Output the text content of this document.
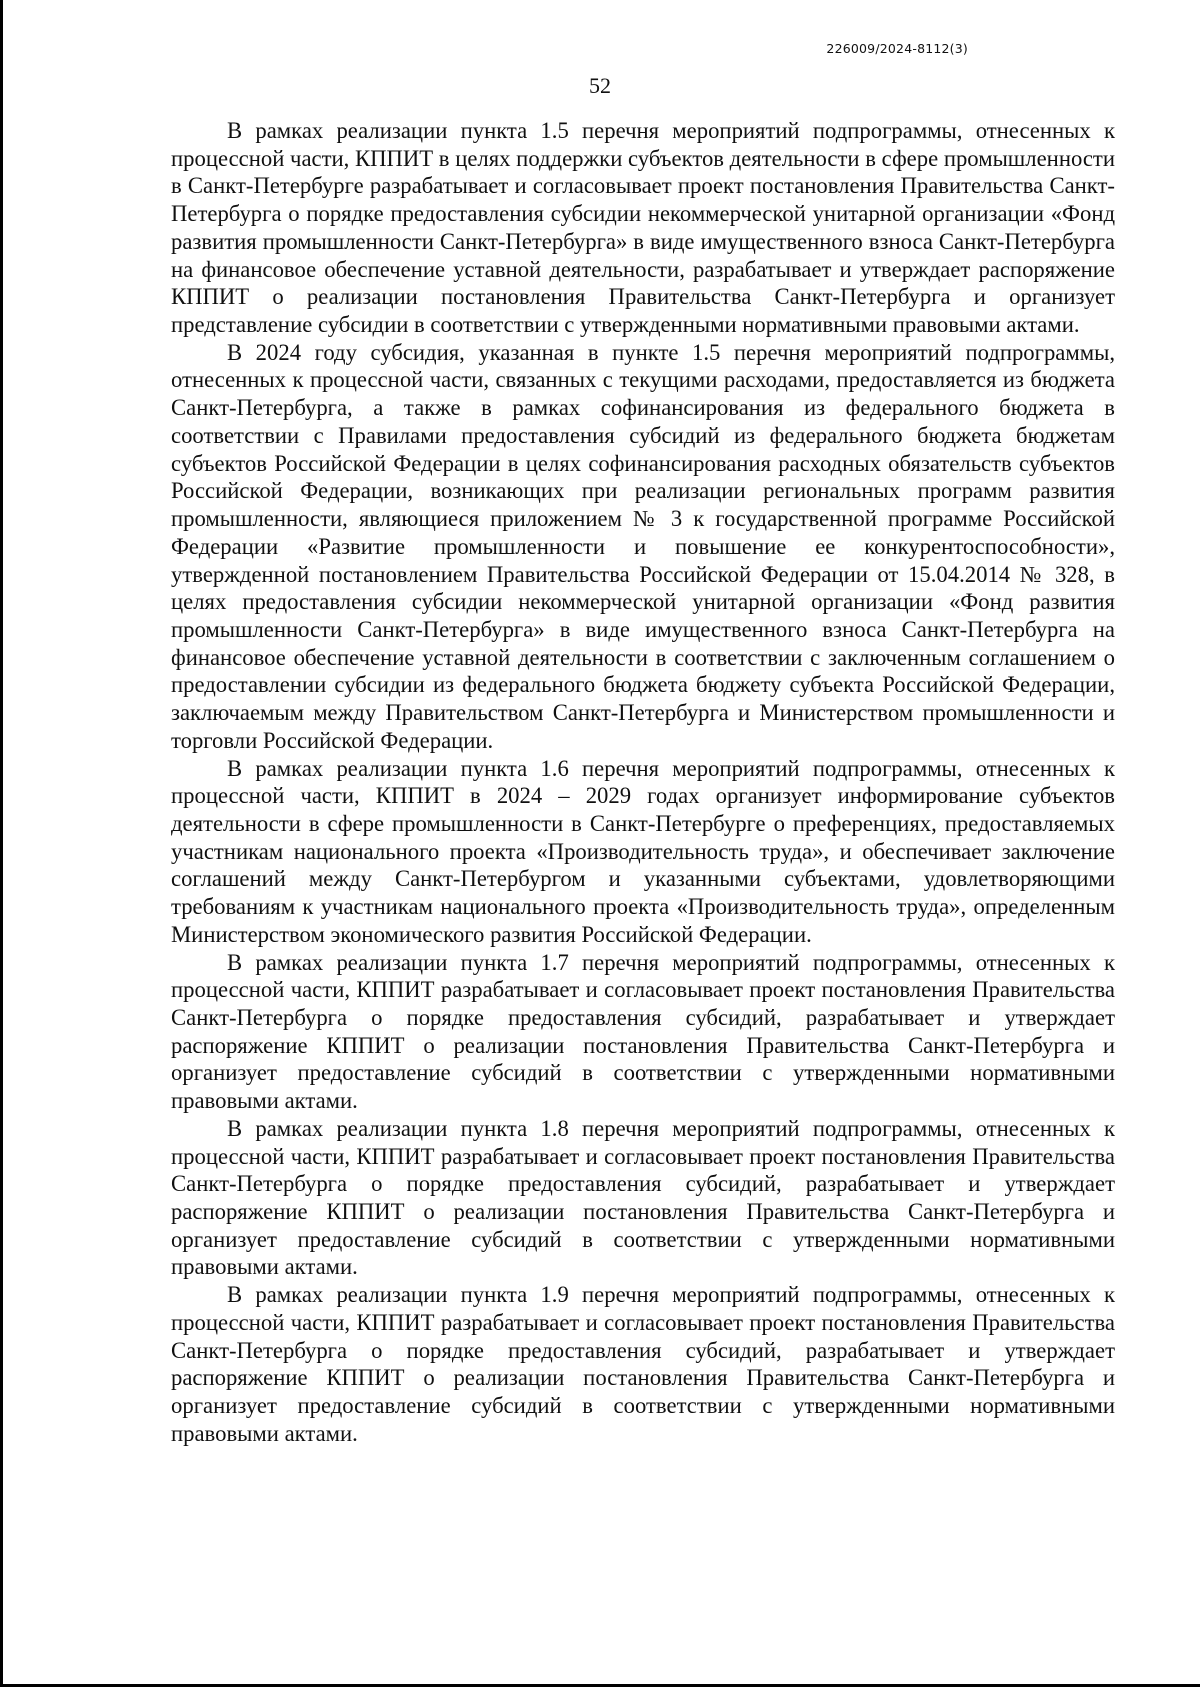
226009/2024-8112(3)
52

В рамках реализации пункта 1.5 перечня мероприятий подпрограммы, отнесенных к процессной части, КППИТ в целях поддержки субъектов деятельности в сфере промышленности в Санкт-Петербурге разрабатывает и согласовывает проект постановления Правительства Санкт-Петербурга о порядке предоставления субсидии некоммерческой унитарной организации «Фонд развития промышленности Санкт-Петербурга» в виде имущественного взноса Санкт-Петербурга на финансовое обеспечение уставной деятельности, разрабатывает и утверждает распоряжение КППИТ о реализации постановления Правительства Санкт-Петербурга и организует представление субсидии в соответствии с утвержденными нормативными правовыми актами.

В 2024 году субсидия, указанная в пункте 1.5 перечня мероприятий подпрограммы, отнесенных к процессной части, связанных с текущими расходами, предоставляется из бюджета Санкт-Петербурга, а также в рамках софинансирования из федерального бюджета в соответствии с Правилами предоставления субсидий из федерального бюджета бюджетам субъектов Российской Федерации в целях софинансирования расходных обязательств субъектов Российской Федерации, возникающих при реализации региональных программ развития промышленности, являющиеся приложением № 3 к государственной программе Российской Федерации «Развитие промышленности и повышение ее конкурентоспособности», утвержденной постановлением Правительства Российской Федерации от 15.04.2014 № 328, в целях предоставления субсидии некоммерческой унитарной организации «Фонд развития промышленности Санкт-Петербурга» в виде имущественного взноса Санкт-Петербурга на финансовое обеспечение уставной деятельности в соответствии с заключенным соглашением о предоставлении субсидии из федерального бюджета бюджету субъекта Российской Федерации, заключаемым между Правительством Санкт-Петербурга и Министерством промышленности и торговли Российской Федерации.

В рамках реализации пункта 1.6 перечня мероприятий подпрограммы, отнесенных к процессной части, КППИТ в 2024 – 2029 годах организует информирование субъектов деятельности в сфере промышленности в Санкт-Петербурге о преференциях, предоставляемых участникам национального проекта «Производительность труда», и обеспечивает заключение соглашений между Санкт-Петербургом и указанными субъектами, удовлетворяющими требованиям к участникам национального проекта «Производительность труда», определенным Министерством экономического развития Российской Федерации.

В рамках реализации пункта 1.7 перечня мероприятий подпрограммы, отнесенных к процессной части, КППИТ разрабатывает и согласовывает проект постановления Правительства Санкт-Петербурга о порядке предоставления субсидий, разрабатывает и утверждает распоряжение КППИТ о реализации постановления Правительства Санкт-Петербурга и организует предоставление субсидий в соответствии с утвержденными нормативными правовыми актами.

В рамках реализации пункта 1.8 перечня мероприятий подпрограммы, отнесенных к процессной части, КППИТ разрабатывает и согласовывает проект постановления Правительства Санкт-Петербурга о порядке предоставления субсидий, разрабатывает и утверждает распоряжение КППИТ о реализации постановления Правительства Санкт-Петербурга и организует предоставление субсидий в соответствии с утвержденными нормативными правовыми актами.

В рамках реализации пункта 1.9 перечня мероприятий подпрограммы, отнесенных к процессной части, КППИТ разрабатывает и согласовывает проект постановления Правительства Санкт-Петербурга о порядке предоставления субсидий, разрабатывает и утверждает распоряжение КППИТ о реализации постановления Правительства Санкт-Петербурга и организует предоставление субсидий в соответствии с утвержденными нормативными правовыми актами.
